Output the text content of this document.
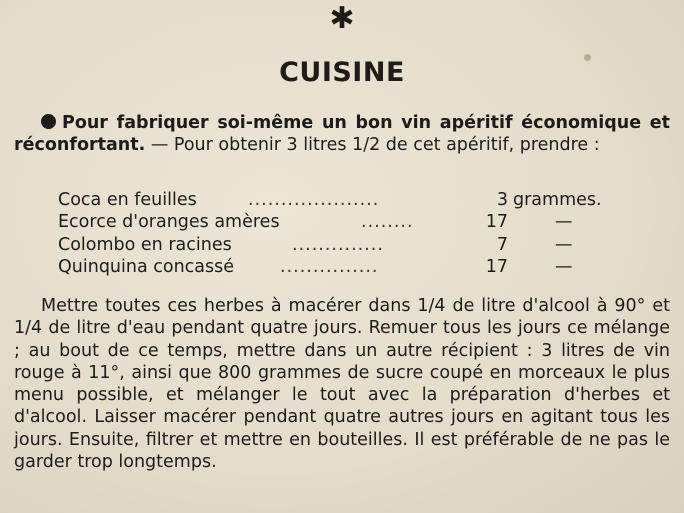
✱
CUISINE
Pour fabriquer soi-même un bon vin apéritif économique et réconfortant. — Pour obtenir 3 litres 1/2 de cet apéritif, prendre :
Coca en feuilles	....................	3 grammes.
Ecorce d'oranges amères	........	17	—
Colombo en racines	..............	7	—
Quinquina concassé	...............	17	—
Mettre toutes ces herbes à macérer dans 1/4 de litre d'alcool à 90° et 1/4 de litre d'eau pendant quatre jours. Remuer tous les jours ce mélange ; au bout de ce temps, mettre dans un autre récipient : 3 litres de vin rouge à 11°, ainsi que 800 grammes de sucre coupé en morceaux le plus menu possible, et mélanger le tout avec la préparation d'herbes et d'alcool. Laisser macérer pendant quatre autres jours en agitant tous les jours. Ensuite, filtrer et mettre en bouteilles. Il est préférable de ne pas le garder trop longtemps.
